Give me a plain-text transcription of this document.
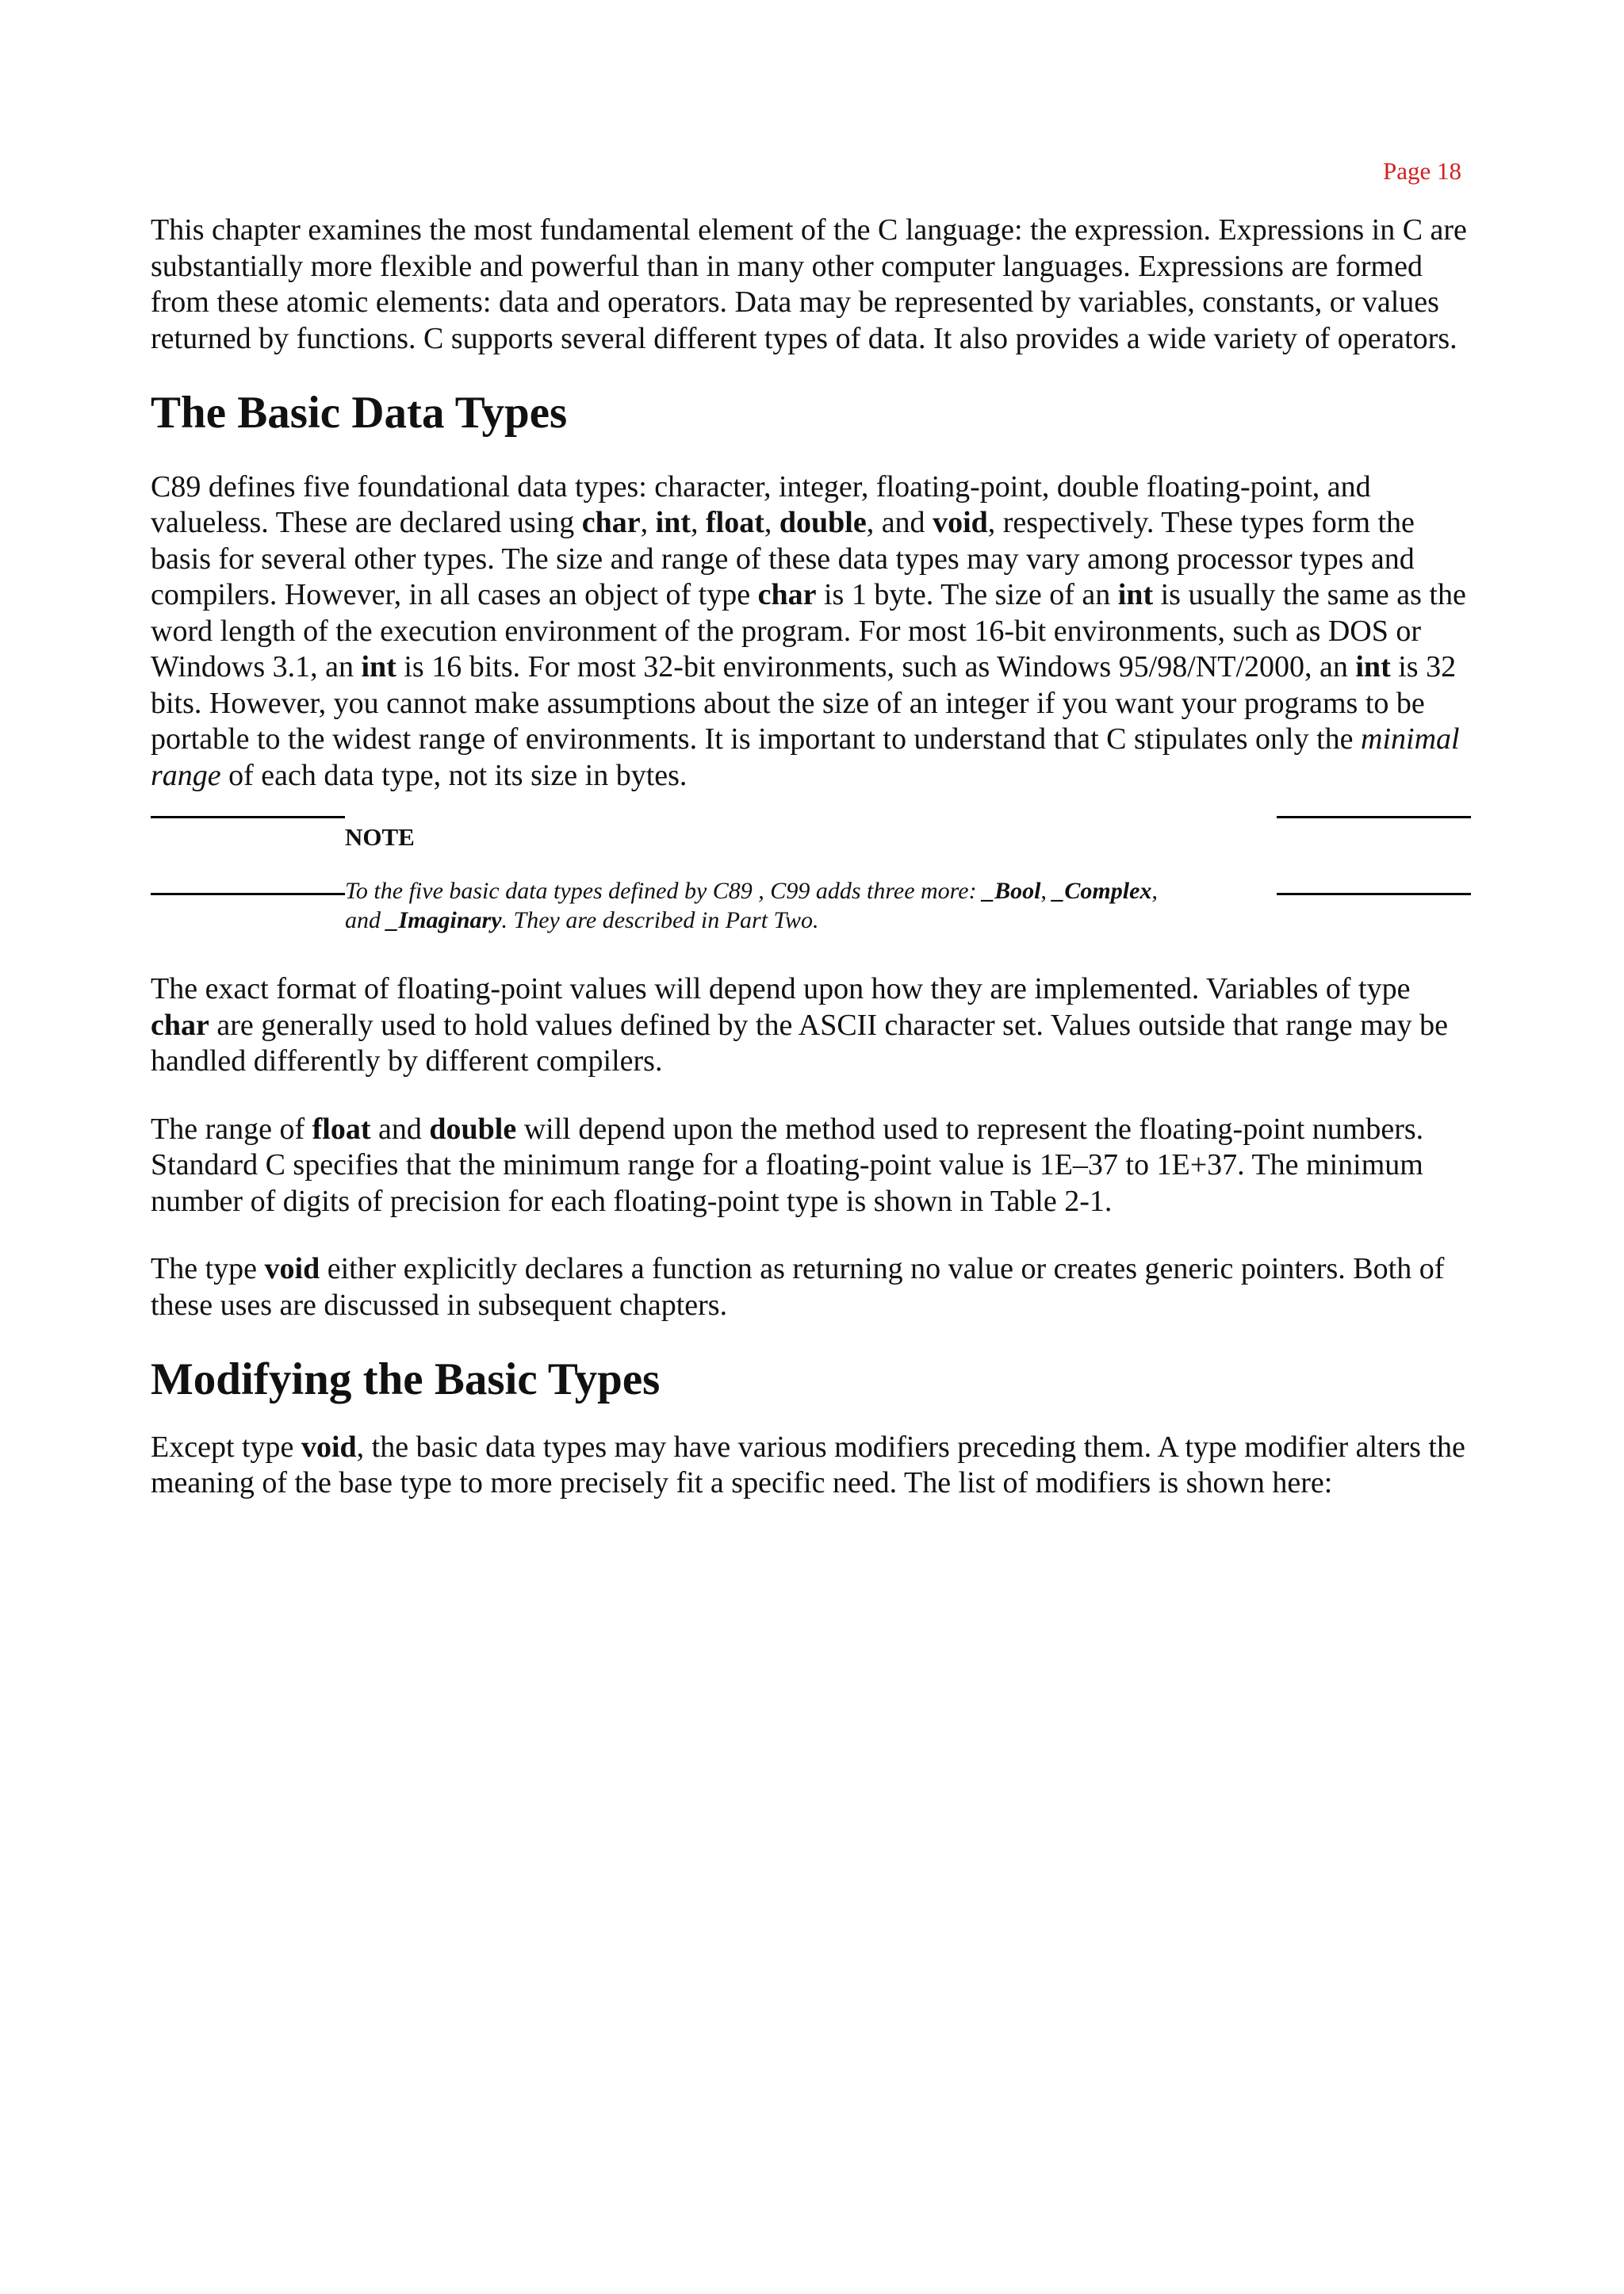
Page 18

This chapter examines the most fundamental element of the C language: the expression. Expressions in C are substantially more flexible and powerful than in many other computer languages. Expressions are formed from these atomic elements: data and operators. Data may be represented by variables, constants, or values returned by functions. C supports several different types of data. It also provides a wide variety of operators.

The Basic Data Types

C89 defines five foundational data types: character, integer, floating-point, double floating-point, and valueless. These are declared using char, int, float, double, and void, respectively. These types form the basis for several other types. The size and range of these data types may vary among processor types and compilers. However, in all cases an object of type char is 1 byte. The size of an int is usually the same as the word length of the execution environment of the program. For most 16-bit environments, such as DOS or Windows 3.1, an int is 16 bits. For most 32-bit environments, such as Windows 95/98/NT/2000, an int is 32 bits. However, you cannot make assumptions about the size of an integer if you want your programs to be portable to the widest range of environments. It is important to understand that C stipulates only the minimal range of each data type, not its size in bytes.

NOTE
To the five basic data types defined by C89 , C99 adds three more: _Bool, _Complex, and _Imaginary. They are described in Part Two.

The exact format of floating-point values will depend upon how they are implemented. Variables of type char are generally used to hold values defined by the ASCII character set. Values outside that range may be handled differently by different compilers.

The range of float and double will depend upon the method used to represent the floating-point numbers. Standard C specifies that the minimum range for a floating-point value is 1E–37 to 1E+37. The minimum number of digits of precision for each floating-point type is shown in Table 2-1.

The type void either explicitly declares a function as returning no value or creates generic pointers. Both of these uses are discussed in subsequent chapters.

Modifying the Basic Types

Except type void, the basic data types may have various modifiers preceding them. A type modifier alters the meaning of the base type to more precisely fit a specific need. The list of modifiers is shown here:
